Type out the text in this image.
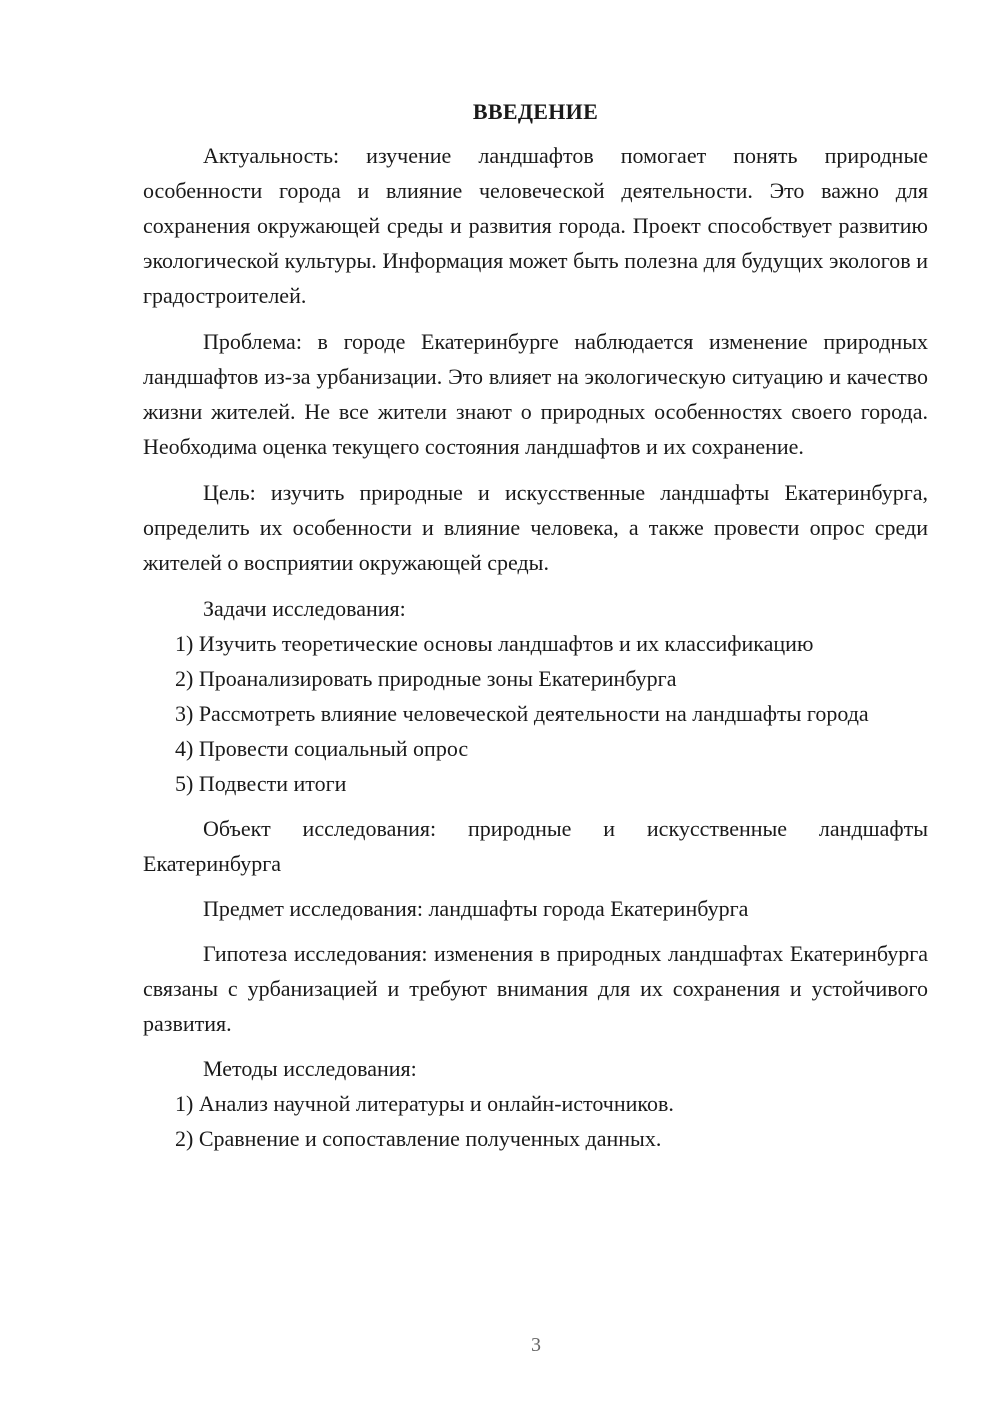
ВВЕДЕНИЕ

Актуальность: изучение ландшафтов помогает понять природные особенности города и влияние человеческой деятельности. Это важно для сохранения окружающей среды и развития города. Проект способствует развитию экологической культуры. Информация может быть полезна для будущих экологов и градостроителей.

Проблема: в городе Екатеринбурге наблюдается изменение природных ландшафтов из-за урбанизации. Это влияет на экологическую ситуацию и качество жизни жителей. Не все жители знают о природных особенностях своего города. Необходима оценка текущего состояния ландшафтов и их сохранение.

Цель: изучить природные и искусственные ландшафты Екатеринбурга, определить их особенности и влияние человека, а также провести опрос среди жителей о восприятии окружающей среды.

Задачи исследования:

1) Изучить теоретические основы ландшафтов и их классификацию

2) Проанализировать природные зоны Екатеринбурга

3) Рассмотреть влияние человеческой деятельности на ландшафты города

4) Провести социальный опрос

5) Подвести итоги

Объект исследования: природные и искусственные ландшафты Екатеринбурга

Предмет исследования: ландшафты города Екатеринбурга

Гипотеза исследования: изменения в природных ландшафтах Екатеринбурга связаны с урбанизацией и требуют внимания для их сохранения и устойчивого развития.

Методы исследования:

1) Анализ научной литературы и онлайн-источников.

2) Сравнение и сопоставление полученных данных.

3
